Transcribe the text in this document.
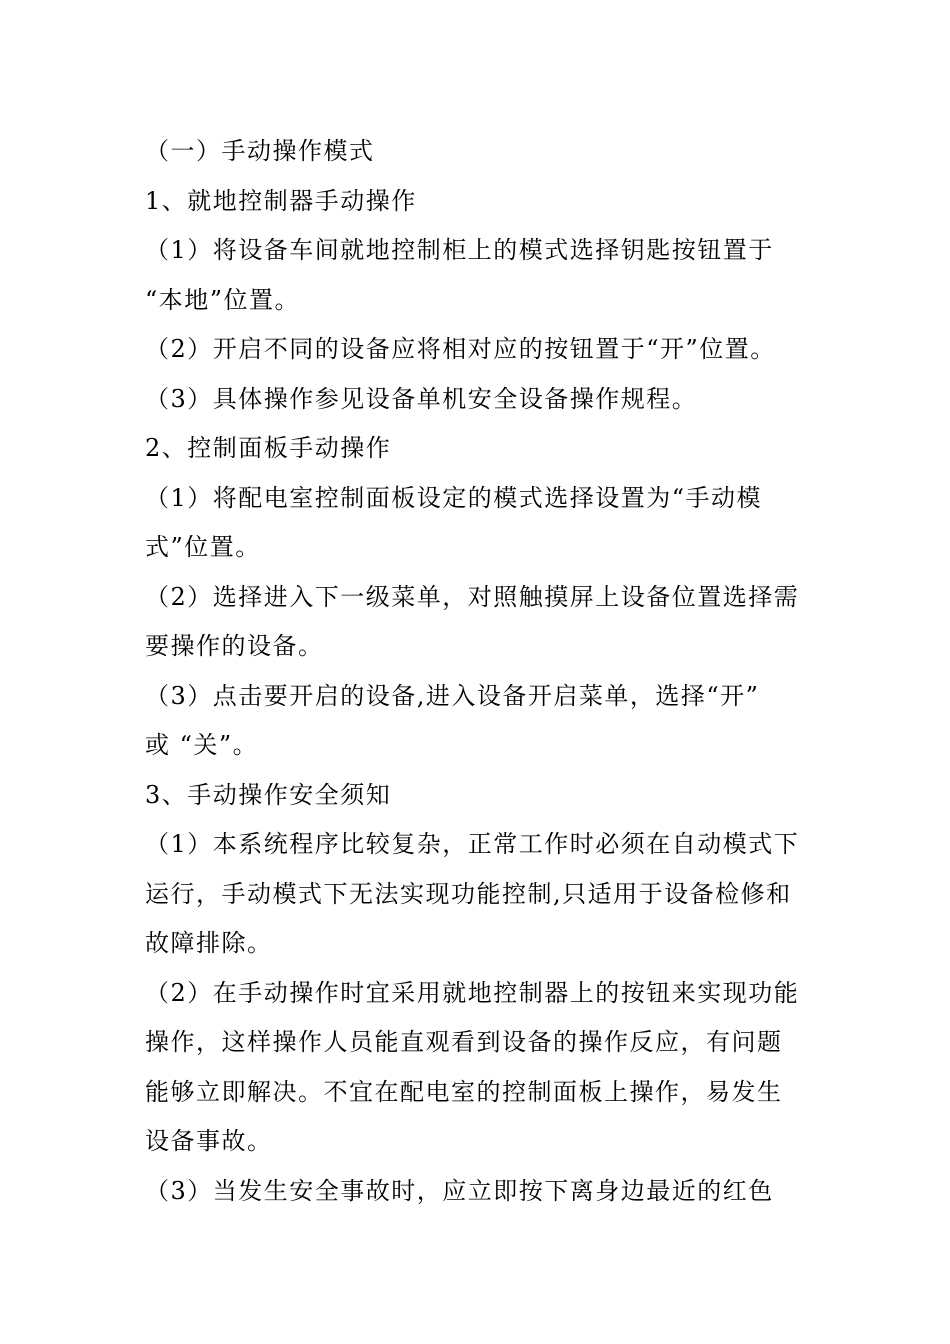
（一）手动操作模式

1、就地控制器手动操作

（1）将设备车间就地控制柜上的模式选择钥匙按钮置于
“本地”位置。

（2）开启不同的设备应将相对应的按钮置于“开”位置。

（3）具体操作参见设备单机安全设备操作规程。

2、控制面板手动操作

（1）将配电室控制面板设定的模式选择设置为“手动模
式”位置。

（2）选择进入下一级菜单，对照触摸屏上设备位置选择需
要操作的设备。

（3）点击要开启的设备,进入设备开启菜单，选择“开”
或 “关”。

3、手动操作安全须知

（1）本系统程序比较复杂，正常工作时必须在自动模式下
运行，手动模式下无法实现功能控制,只适用于设备检修和
故障排除。

（2）在手动操作时宜采用就地控制器上的按钮来实现功能
操作，这样操作人员能直观看到设备的操作反应，有问题
能够立即解决。不宜在配电室的控制面板上操作，易发生
设备事故。

（3）当发生安全事故时，应立即按下离身边最近的红色
